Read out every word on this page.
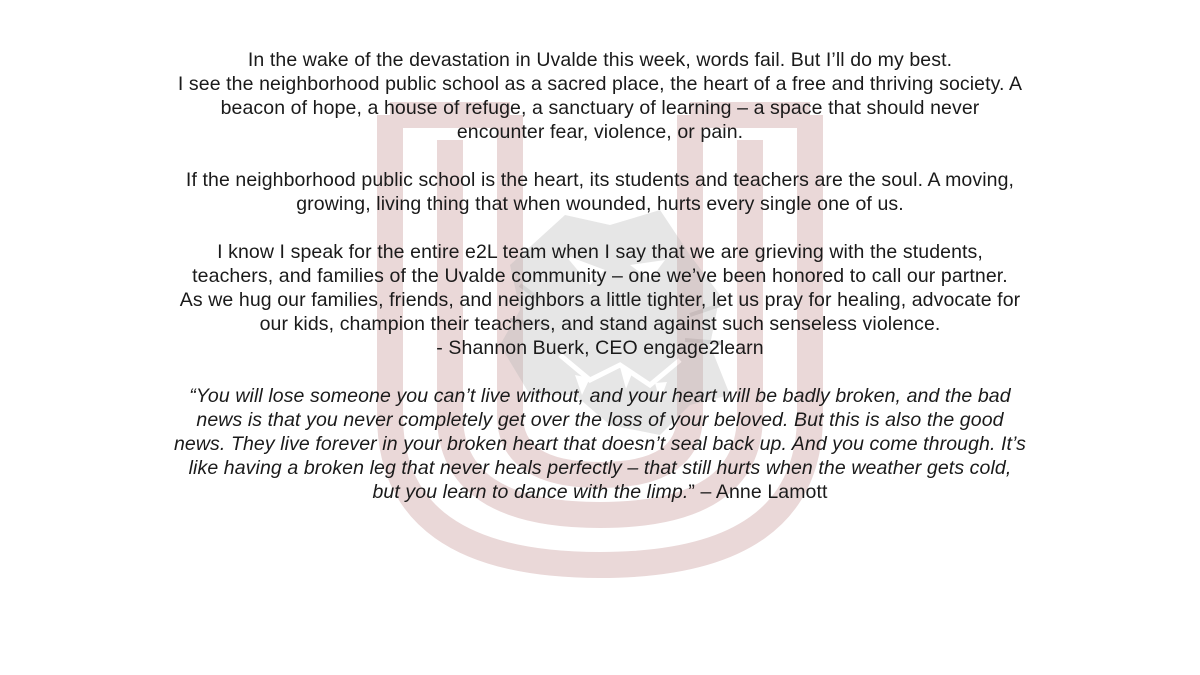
In the wake of the devastation in Uvalde this week, words fail. But I’ll do my best.

I see the neighborhood public school as a sacred place, the heart of a free and thriving society. A

beacon of hope, a house of refuge, a sanctuary of learning – a space that should never

encounter fear, violence, or pain.

If the neighborhood public school is the heart, its students and teachers are the soul. A moving,

growing, living thing that when wounded, hurts every single one of us.

I know I speak for the entire e2L team when I say that we are grieving with the students,

teachers, and families of the Uvalde community – one we’ve been honored to call our partner.

As we hug our families, friends, and neighbors a little tighter, let us pray for healing, advocate for

our kids, champion their teachers, and stand against such senseless violence.

- Shannon Buerk, CEO engage2learn

“You will lose someone you can’t live without, and your heart will be badly broken, and the bad

news is that you never completely get over the loss of your beloved. But this is also the good

news. They live forever in your broken heart that doesn’t seal back up. And you come through. It’s

like having a broken leg that never heals perfectly – that still hurts when the weather gets cold,

but you learn to dance with the limp.” – Anne Lamott
